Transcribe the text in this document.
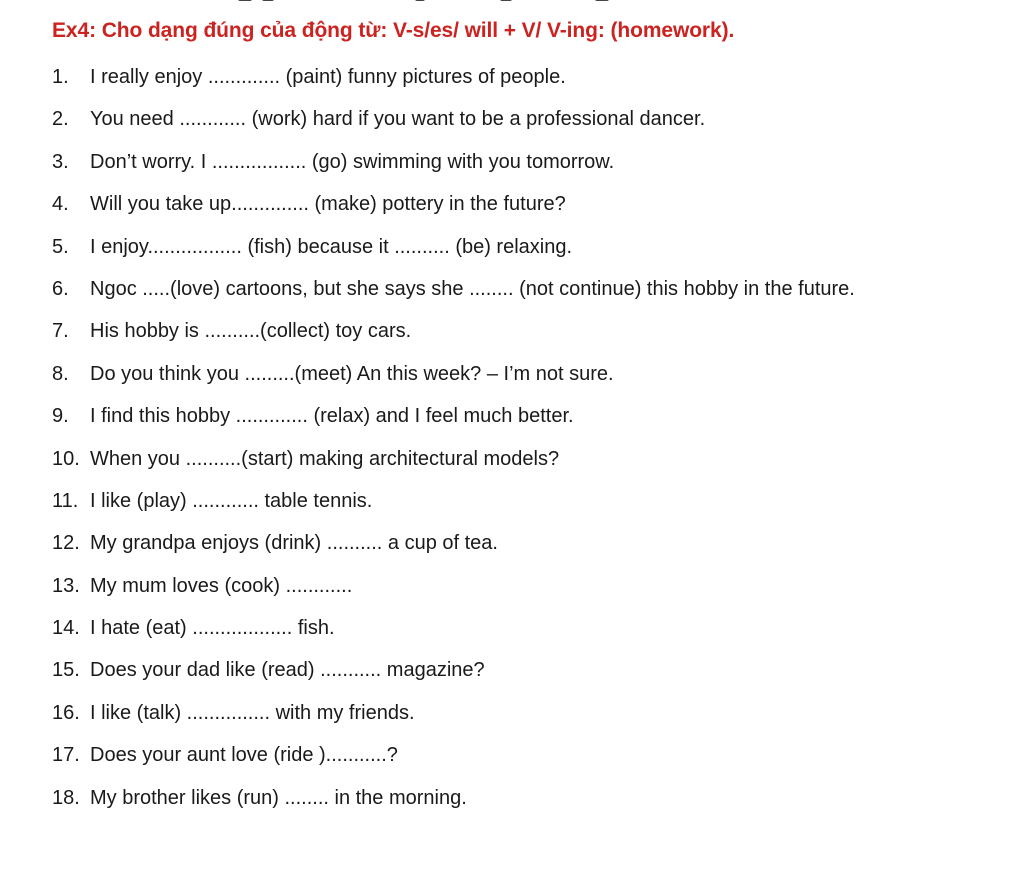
Ex4: Cho dạng đúng của động từ: V-s/es/ will + V/ V-ing: (homework).
1.	I really enjoy ............. (paint) funny pictures of people.
2.	You need ............ (work) hard if you want to be a professional dancer.
3.	Don’t worry. I ................. (go) swimming with you tomorrow.
4.	Will you take up.............. (make) pottery in the future?
5.	I enjoy................. (fish) because it .......... (be) relaxing.
6.	Ngoc .....(love) cartoons, but she says she ........ (not continue) this hobby in the future.
7.	His hobby is ..........(collect) toy cars.
8.	Do you think you .........(meet) An this week? – I’m not sure.
9.	I find this hobby ............. (relax) and I feel much better.
10. When you ..........(start) making architectural models?
11. I like (play) ............ table tennis.
12. My grandpa enjoys (drink) .......... a cup of tea.
13. My mum loves (cook) ............
14. I hate (eat) .................. fish.
15. Does your dad like (read) ........... magazine?
16. I like (talk) ............... with my friends.
17. Does your aunt love (ride )...........?
18. My brother likes (run) ........ in the morning.
